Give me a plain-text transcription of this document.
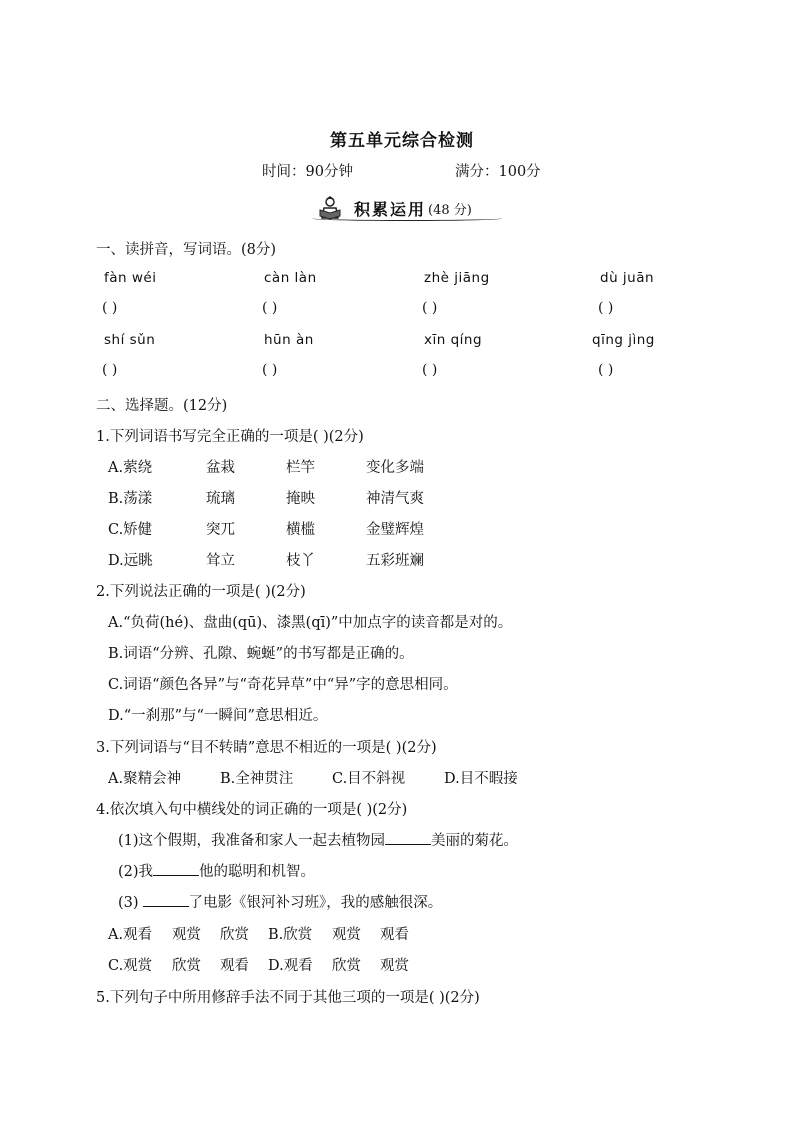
第五单元综合检测
时间：90分钟	满分：100分
积累运用 (48 分)
一、读拼音，写词语。(8分)
fàn wéi	càn làn	zhè jiāng	dù juān
( )	( )	( )	( )
shí sǔn	hūn àn	xīn qíng	qīng jìng
( )	( )	( )	( )
二、选择题。(12分)
1.下列词语书写完全正确的一项是( )(2分)
A.萦绕	盆栽	栏竿	变化多端
B.荡漾	琉璃	掩映	神清气爽
C.矫健	突兀	横槛	金璧辉煌
D.远眺	耸立	枝丫	五彩班斓
2.下列说法正确的一项是( )(2分)
A.“负荷(hé)、盘曲(qū)、漆黑(qī)”中加点字的读音都是对的。
B.词语“分辨、孔隙、蜿蜒”的书写都是正确的。
C.词语“颜色各异”与“奇花异草”中“异”字的意思相同。
D.“一刹那”与“一瞬间”意思相近。
3.下列词语与“目不转睛”意思不相近的一项是( )(2分)
A.聚精会神	B.全神贯注	C.目不斜视	D.目不暇接
4.依次填入句中横线处的词正确的一项是( )(2分)
(1)这个假期，我准备和家人一起去植物园	美丽的菊花。
(2)我	他的聪明和机智。
(3)	了电影《银河补习班》，我的感触很深。
A.观看 观赏 欣赏 B.欣赏 观赏 观看
C.观赏 欣赏 观看 D.观看 欣赏 观赏
5.下列句子中所用修辞手法不同于其他三项的一项是( )(2分)
